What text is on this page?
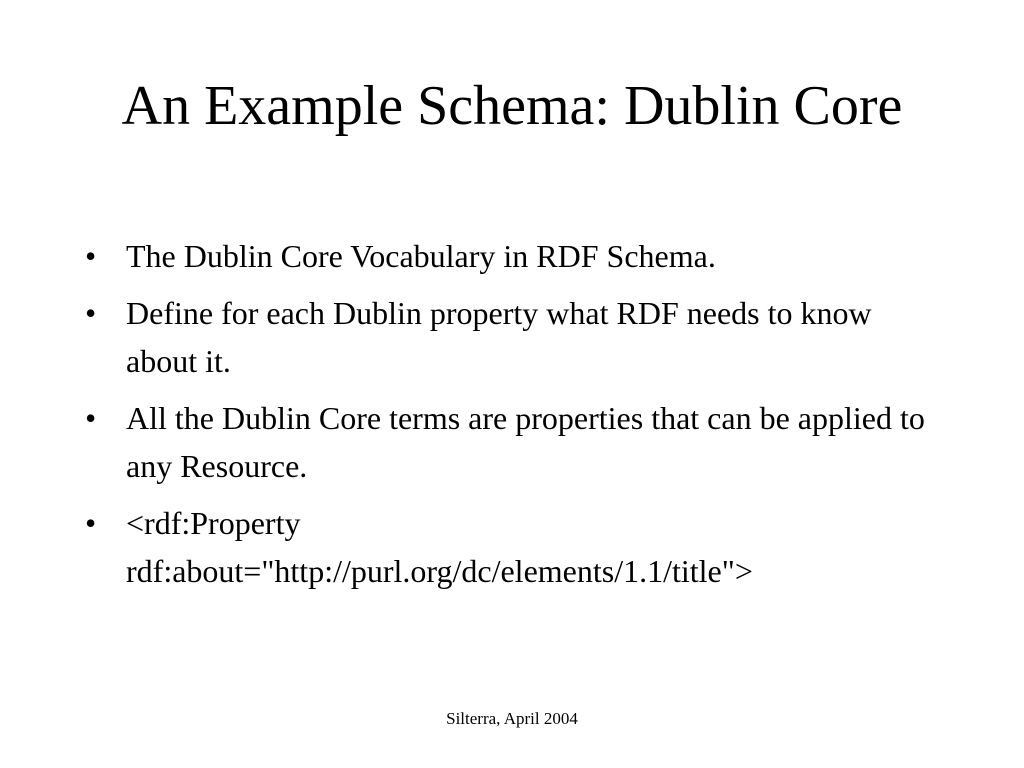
An Example Schema: Dublin Core
• The Dublin Core Vocabulary in RDF Schema.
• Define for each Dublin property what RDF needs to know about it.
• All the Dublin Core terms are properties that can be applied to any Resource.
• <rdf:Property rdf:about="http://purl.org/dc/elements/1.1/title">
Silterra, April 2004
